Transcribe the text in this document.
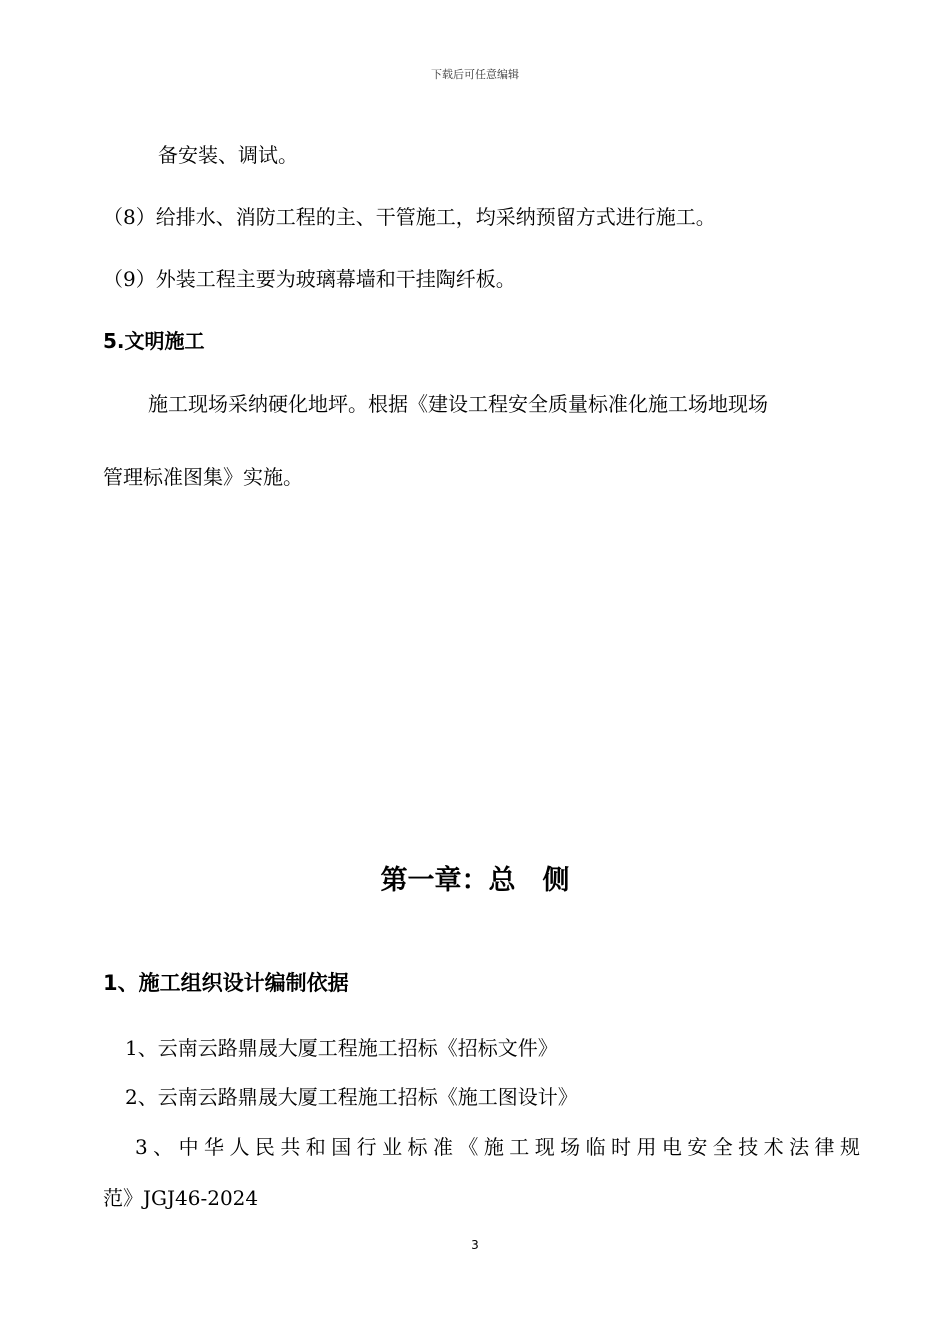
下载后可任意编辑
备安装、调试。
（8）给排水、消防工程的主、干管施工，均采纳预留方式进行施工。
（9）外装工程主要为玻璃幕墙和干挂陶纤板。
5.文明施工
施工现场采纳硬化地坪。根据《建设工程安全质量标准化施工场地现场
管理标准图集》实施。
第一章：总　侧
1、施工组织设计编制依据
1、云南云路鼎晟大厦工程施工招标《招标文件》
2、云南云路鼎晟大厦工程施工招标《施工图设计》
3、中华人民共和国行业标准《施工现场临时用电安全技术法律规
范》JGJ46-2024
3
